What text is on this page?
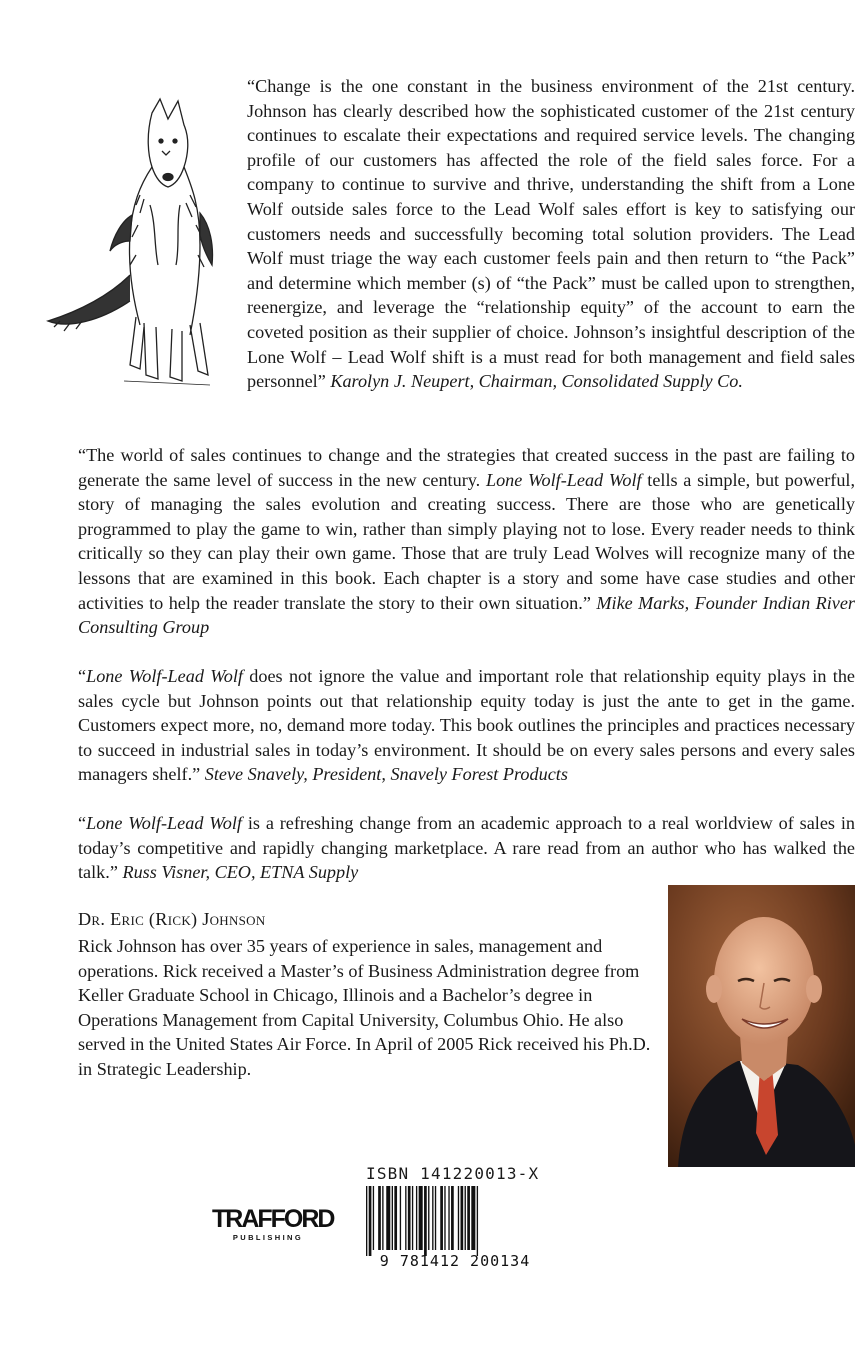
“Change is the one constant in the business environment of the 21st century. Johnson has clearly described how the sophisticated customer of the 21st century continues to escalate their expectations and required service levels. The changing profile of our customers has affected the role of the field sales force. For a company to continue to survive and thrive, understanding the shift from a Lone Wolf outside sales force to the Lead Wolf sales effort is key to satisfying our customers needs and successfully becoming total solution providers. The Lead Wolf must triage the way each customer feels pain and then return to “the Pack” and determine which member (s) of “the Pack” must be called upon to strengthen, reenergize, and leverage the “relationship equity” of the account to earn the coveted position as their supplier of choice. Johnson’s insightful description of the Lone Wolf – Lead Wolf shift is a must read for both management and field sales personnel” Karolyn J. Neupert, Chairman, Consolidated Supply Co.

“The world of sales continues to change and the strategies that created success in the past are failing to generate the same level of success in the new century. Lone Wolf-Lead Wolf tells a simple, but powerful, story of managing the sales evolution and creating success. There are those who are genetically programmed to play the game to win, rather than simply playing not to lose. Every reader needs to think critically so they can play their own game. Those that are truly Lead Wolves will recognize many of the lessons that are examined in this book. Each chapter is a story and some have case studies and other activities to help the reader translate the story to their own situation.” Mike Marks, Founder Indian River Consulting Group

“Lone Wolf-Lead Wolf does not ignore the value and important role that relationship equity plays in the sales cycle but Johnson points out that relationship equity today is just the ante to get in the game. Customers expect more, no, demand more today. This book outlines the principles and practices necessary to succeed in industrial sales in today’s environment. It should be on every sales persons and every sales managers shelf.” Steve Snavely, President, Snavely Forest Products

“Lone Wolf-Lead Wolf is a refreshing change from an academic approach to a real worldview of sales in today’s competitive and rapidly changing marketplace. A rare read from an author who has walked the talk.” Russ Visner, CEO, ETNA Supply

Dr. Eric (Rick) Johnson

Rick Johnson has over 35 years of experience in sales, management and operations. Rick received a Master’s of Business Administration degree from Keller Graduate School in Chicago, Illinois and a Bachelor’s degree in Operations Management from Capital University, Columbus Ohio. He also served in the United States Air Force. In April of 2005 Rick received his Ph.D. in Strategic Leadership.

TRAFFORD
PUBLISHING
ISBN 141220013-X
9 781412 200134
